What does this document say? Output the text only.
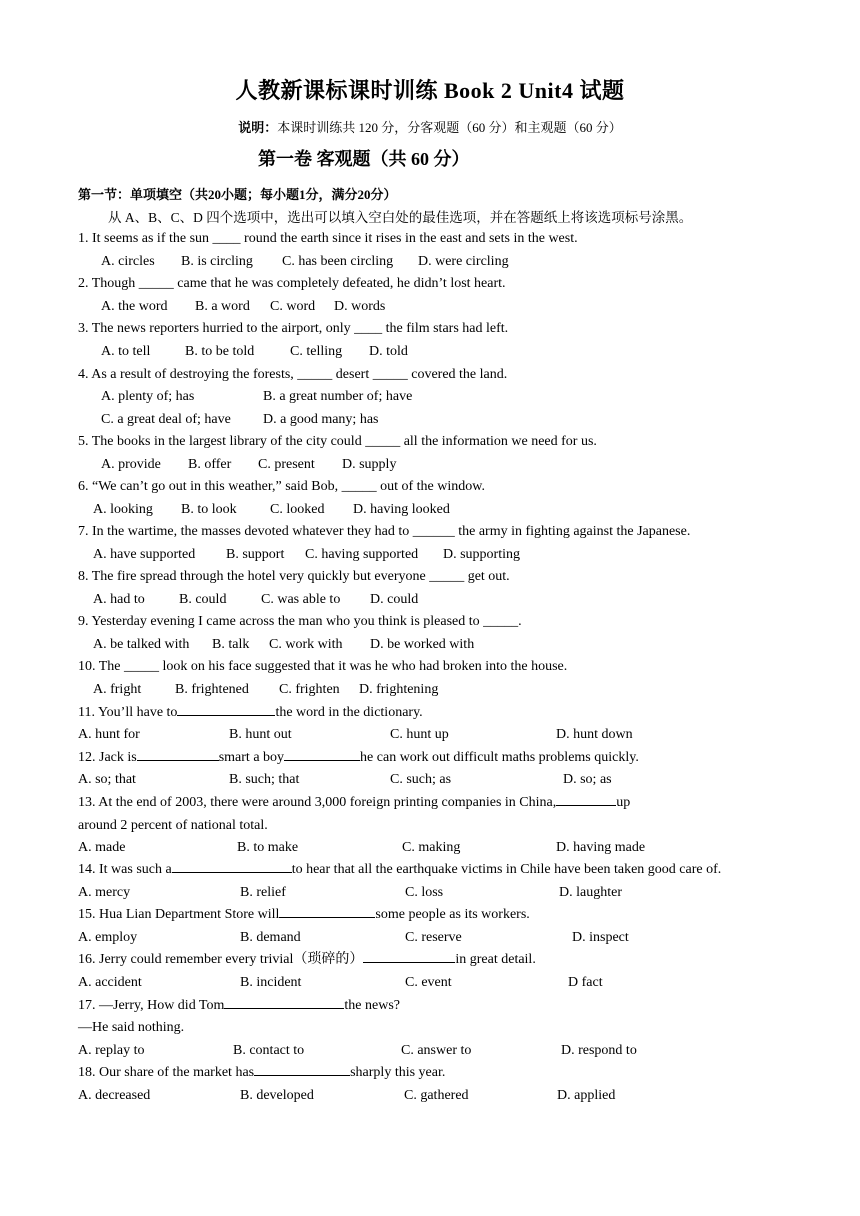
人教新课标课时训练 Book 2 Unit4 试题
说明：本课时训练共 120 分，分客观题（60 分）和主观题（60 分）
第一卷 客观题（共 60 分）
第一节：单项填空（共20小题；每小题1分，满分20分）
从 A、B、C、D 四个选项中，选出可以填入空白处的最佳选项，并在答题纸上将该选项标号涂黑。
1. It seems as if the sun ____ round the earth since it rises in the east and sets in the west.
A. circles B. is circling C. has been circling D. were circling
2. Though _____ came that he was completely defeated, he didn’t lost heart.
A. the word B. a word C. word D. words
3. The news reporters hurried to the airport, only ____ the film stars had left.
A. to tell B. to be told	C. telling D. told
4. As a result of destroying the forests, _____ desert _____ covered the land.
A. plenty of; has	B. a great number of; have
C. a great deal of; have D. a good many; has
5. The books in the largest library of the city could _____ all the information we need for us.
A. provide B. offer C. present D. supply
6. “We can’t go out in this weather,” said Bob, _____ out of the window.
A. looking B. to look C. looked D. having looked
7. In the wartime, the masses devoted whatever they had to ______ the army in fighting against the Japanese.
A. have supported B. support C. having supported D. supporting
8. The fire spread through the hotel very quickly but everyone _____ get out.
A. had to B. could C. was able to D. could
9. Yesterday evening I came across the man who you think is pleased to _____.
A. be talked with B. talk C. work with D. be worked with
10. The _____ look on his face suggested that it was he who had broken into the house.
A. fright B. frightened C. frighten D. frightening
11. You’ll have to	the word in the dictionary.
A. hunt for	B. hunt out	C. hunt up	D. hunt down
12. Jack is	smart a boy	he can work out difficult maths problems quickly.
A. so; that	B. such; that	C. such; as	D. so; as
13. At the end of 2003, there were around 3,000 foreign printing companies in China,	up
around 2 percent of national total.
A. made	B. to make	C. making	D. having made
14. It was such a	to hear that all the earthquake victims in Chile have been taken good care of.
A. mercy	B. relief	C. loss	D. laughter
15. Hua Lian Department Store will	some people as its workers.
A. employ	B. demand	C. reserve	D. inspect
16. Jerry could remember every trivial（琐碎的）	in great detail.
A. accident	B. incident	C. event	D fact
17. —Jerry, How did Tom	the news?
—He said nothing.
A. replay to	B. contact to	C. answer to	D. respond to
18. Our share of the market has	sharply this year.
A. decreased	B. developed	C. gathered	D. applied
